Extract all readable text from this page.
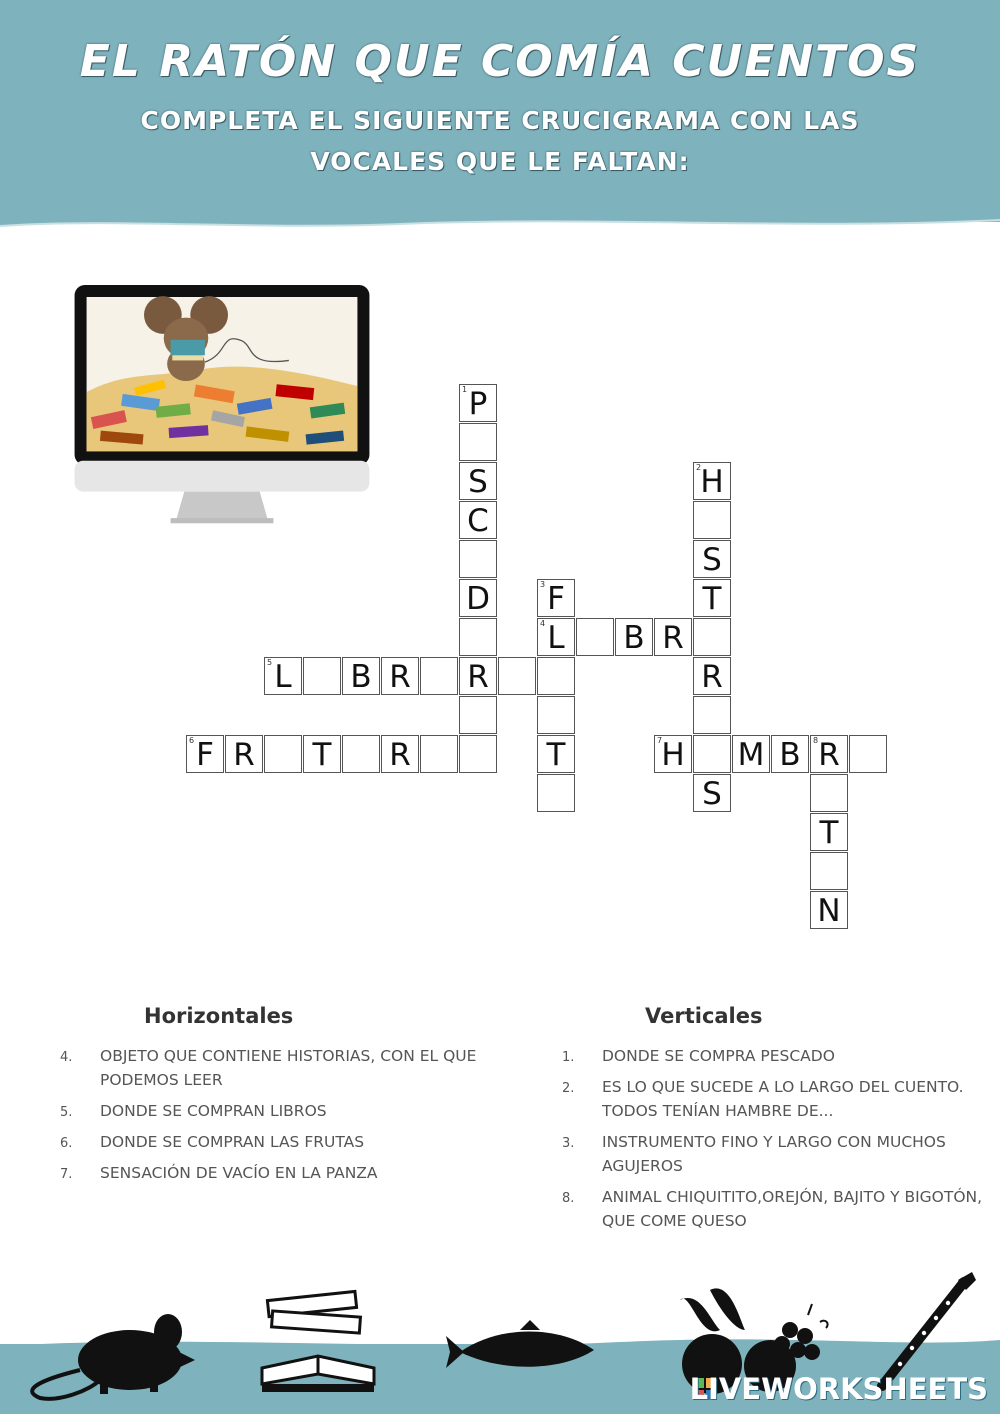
EL RATÓN QUE COMÍA CUENTOS
COMPLETA EL SIGUIENTE CRUCIGRAMA CON LAS VOCALES QUE LE FALTAN:
1 P
S
C
D
R
2 H
S
T
R
S
3 F
4 L
T
B R
5 L	B R
6 F R	T	R	7 H M B	8 R
T
N
Horizontales	Verticales
4. OBJETO QUE CONTIENE HISTORIAS, CON EL QUE PODEMOS LEER
5. DONDE SE COMPRAN LIBROS
6. DONDE SE COMPRAN LAS FRUTAS
7. SENSACIÓN DE VACÍO EN LA PANZA
1. DONDE SE COMPRA PESCADO
2. ES LO QUE SUCEDE A LO LARGO DEL CUENTO. TODOS TENÍAN HAMBRE DE...
3. INSTRUMENTO FINO Y LARGO CON MUCHOS AGUJEROS
8. ANIMAL CHIQUITITO,OREJÓN, BAJITO Y BIGOTÓN, QUE COME QUESO
LIVEWORKSHEETS
